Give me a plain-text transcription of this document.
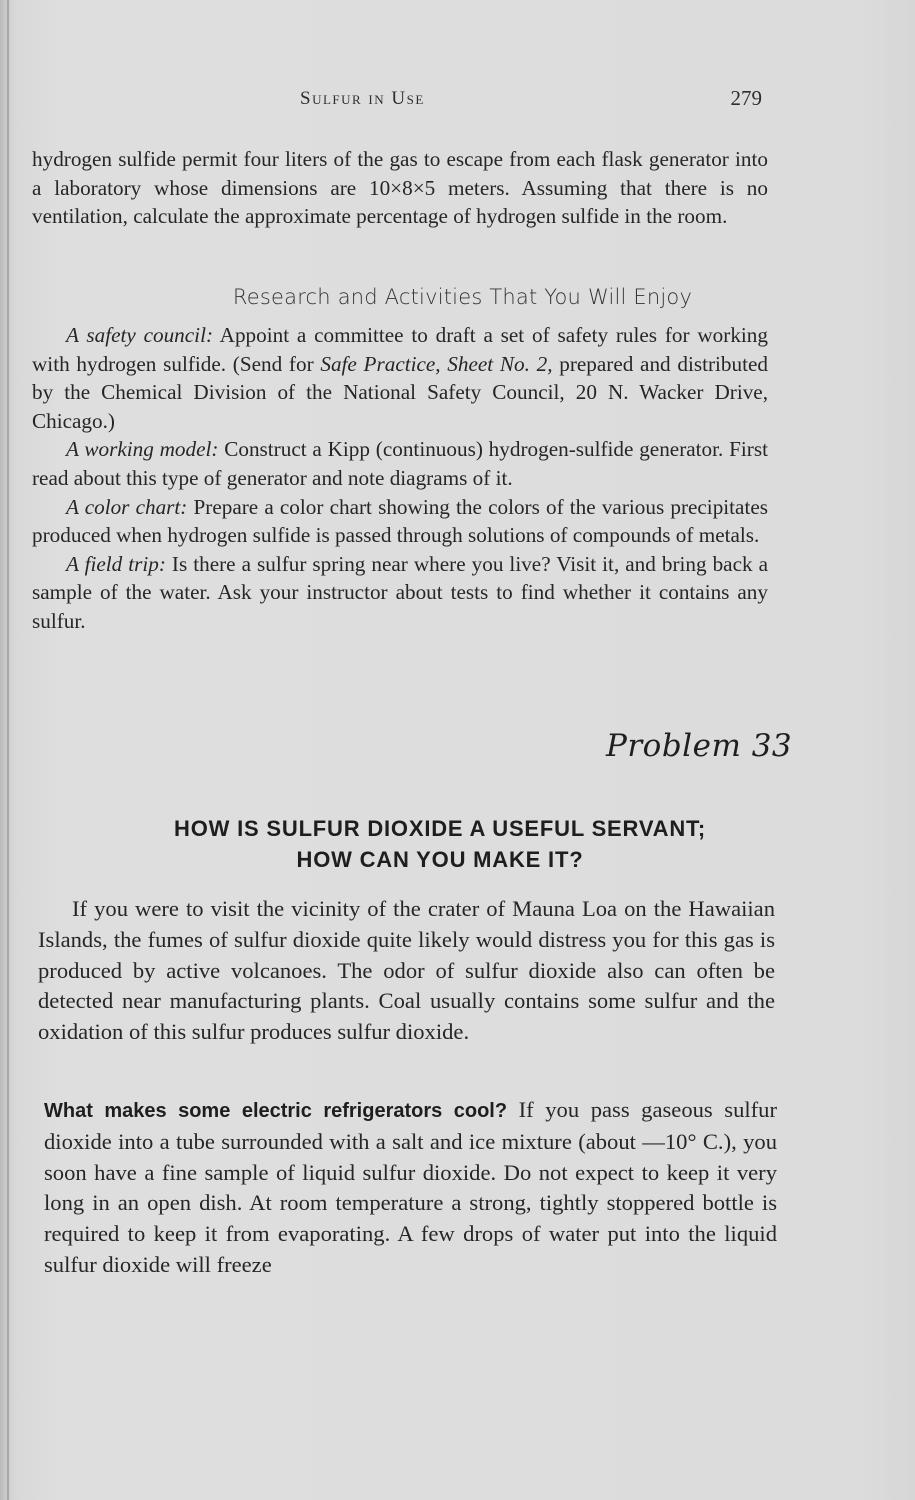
Sulfur in Use	279

hydrogen sulfide permit four liters of the gas to escape from each flask generator into a laboratory whose dimensions are 10×8×5 meters. Assuming that there is no ventilation, calculate the approximate percentage of hydrogen sulfide in the room.

Research and Activities That You Will Enjoy

A safety council: Appoint a committee to draft a set of safety rules for working with hydrogen sulfide. (Send for Safe Practice, Sheet No. 2, prepared and distributed by the Chemical Division of the National Safety Council, 20 N. Wacker Drive, Chicago.)

A working model: Construct a Kipp (continuous) hydrogen-sulfide generator. First read about this type of generator and note diagrams of it.

A color chart: Prepare a color chart showing the colors of the various precipitates produced when hydrogen sulfide is passed through solutions of compounds of metals.

A field trip: Is there a sulfur spring near where you live? Visit it, and bring back a sample of the water. Ask your instructor about tests to find whether it contains any sulfur.

Problem 33
HOW IS SULFUR DIOXIDE A USEFUL SERVANT;
HOW CAN YOU MAKE IT?

If you were to visit the vicinity of the crater of Mauna Loa on the Hawaiian Islands, the fumes of sulfur dioxide quite likely would distress you for this gas is produced by active volcanoes. The odor of sulfur dioxide also can often be detected near manufacturing plants. Coal usually contains some sulfur and the oxidation of this sulfur produces sulfur dioxide.

What makes some electric refrigerators cool? If you pass gaseous sulfur dioxide into a tube surrounded with a salt and ice mixture (about —10° C.), you soon have a fine sample of liquid sulfur dioxide. Do not expect to keep it very long in an open dish. At room temperature a strong, tightly stoppered bottle is required to keep it from evaporating. A few drops of water put into the liquid sulfur dioxide will freeze
